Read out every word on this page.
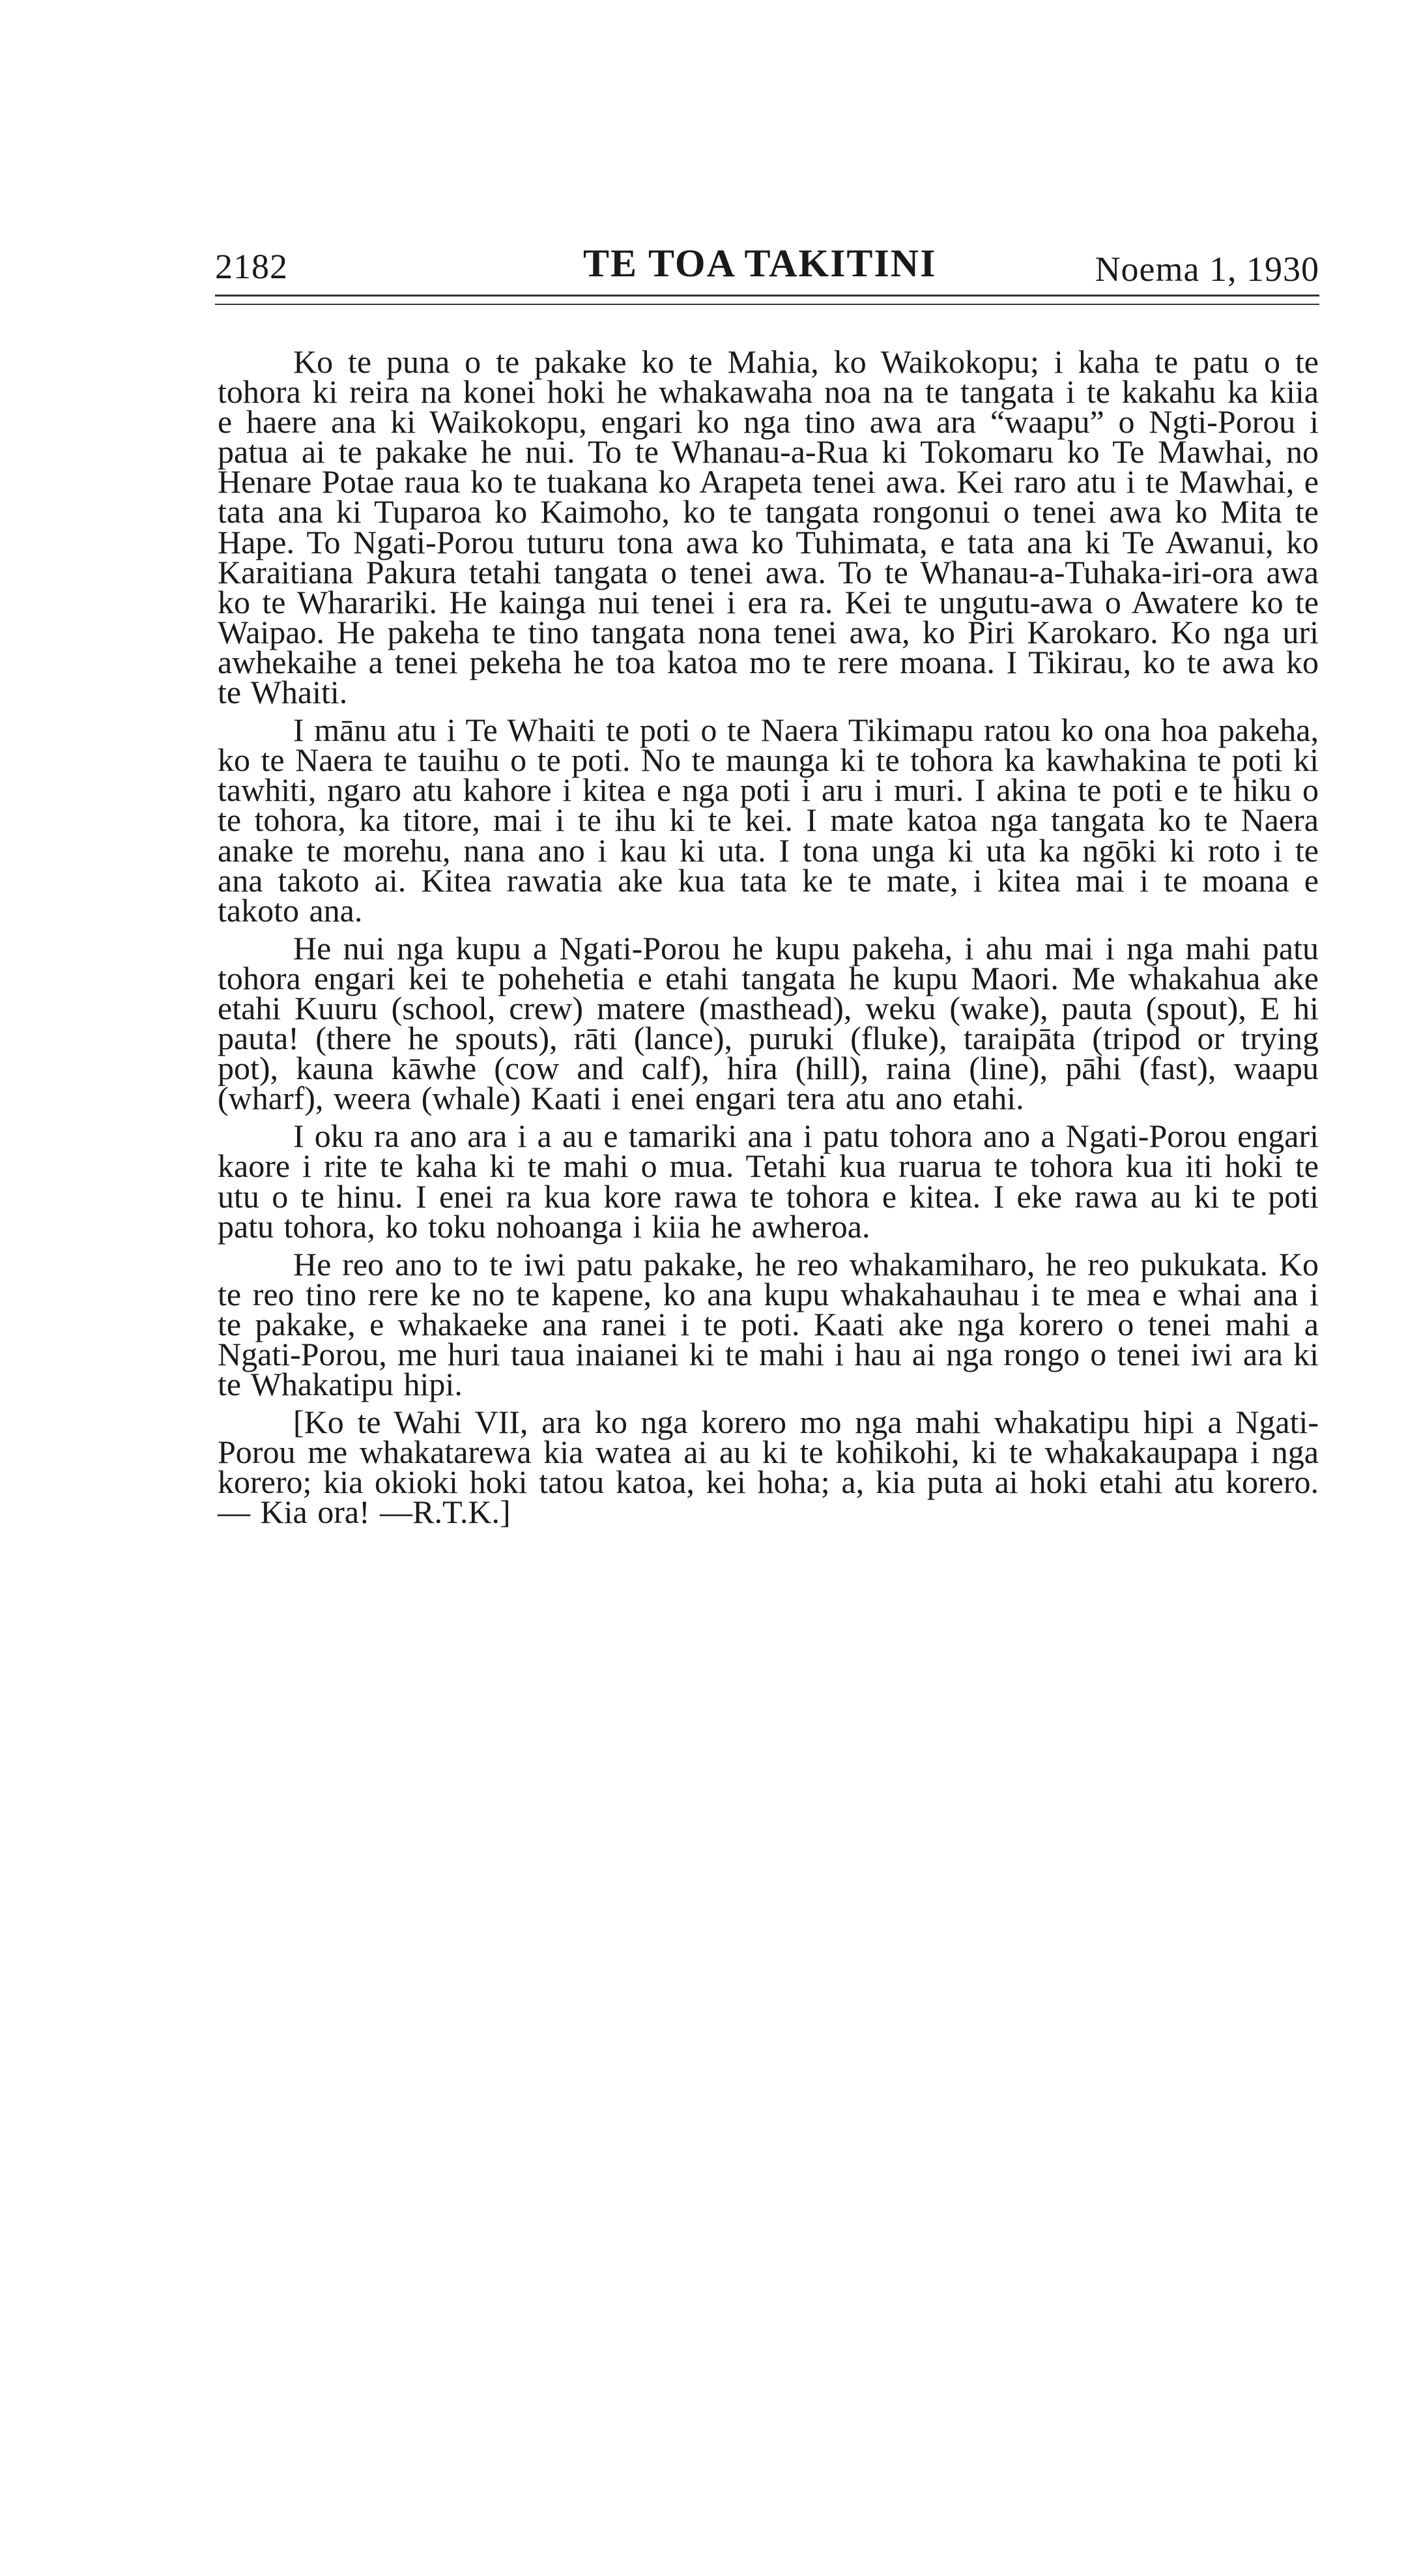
2182	TE TOA TAKITINI	Noema 1, 1930

Ko te puna o te pakake ko te Mahia, ko Waikokopu; i kaha te patu o te tohora ki reira na konei hoki he whakawaha noa na te tangata i te kakahu ka kiia e haere ana ki Waikokopu, engari ko nga tino awa ara “waapu” o Ngti-Porou i patua ai te pakake he nui. To te Whanau-a-Rua ki Tokomaru ko Te Mawhai, no Henare Potae raua ko te tuakana ko Arapeta tenei awa. Kei raro atu i te Mawhai, e tata ana ki Tuparoa ko Kaimoho, ko te tangata rongonui o tenei awa ko Mita te Hape. To Ngati-Porou tuturu tona awa ko Tuhimata, e tata ana ki Te Awanui, ko Karaitiana Pakura tetahi tangata o tenei awa. To te Whanau-a-Tuhaka-iri-ora awa ko te Wharariki. He kainga nui tenei i era ra. Kei te ungutu-awa o Awatere ko te Waipao. He pakeha te tino tangata nona tenei awa, ko Piri Karokaro. Ko nga uri awhekaihe a tenei pekeha he toa katoa mo te rere moana. I Tikirau, ko te awa ko te Whaiti.

I mānu atu i Te Whaiti te poti o te Naera Tikimapu ratou ko ona hoa pakeha, ko te Naera te tauihu o te poti. No te maunga ki te tohora ka kawhakina te poti ki tawhiti, ngaro atu kahore i kitea e nga poti i aru i muri. I akina te poti e te hiku o te tohora, ka titore, mai i te ihu ki te kei. I mate katoa nga tangata ko te Naera anake te morehu, nana ano i kau ki uta. I tona unga ki uta ka ngōki ki roto i te ana takoto ai. Kitea rawatia ake kua tata ke te mate, i kitea mai i te moana e takoto ana.

He nui nga kupu a Ngati-Porou he kupu pakeha, i ahu mai i nga mahi patu tohora engari kei te pohehetia e etahi tangata he kupu Maori. Me whakahua ake etahi Kuuru (school, crew) matere (masthead), weku (wake), pauta (spout), E hi pauta! (there he spouts), rāti (lance), puruki (fluke), taraipāta (tripod or trying pot), kauna kāwhe (cow and calf), hira (hill), raina (line), pāhi (fast), waapu (wharf), weera (whale) Kaati i enei engari tera atu ano etahi.

I oku ra ano ara i a au e tamariki ana i patu tohora ano a Ngati-Porou engari kaore i rite te kaha ki te mahi o mua. Tetahi kua ruarua te tohora kua iti hoki te utu o te hinu. I enei ra kua kore rawa te tohora e kitea. I eke rawa au ki te poti patu tohora, ko toku nohoanga i kiia he awheroa.

He reo ano to te iwi patu pakake, he reo whakamiharo, he reo pukukata. Ko te reo tino rere ke no te kapene, ko ana kupu whakahauhau i te mea e whai ana i te pakake, e whakaeke ana ranei i te poti. Kaati ake nga korero o tenei mahi a Ngati-Porou, me huri taua inaianei ki te mahi i hau ai nga rongo o tenei iwi ara ki te Whakatipu hipi.

[Ko te Wahi VII, ara ko nga korero mo nga mahi whakatipu hipi a Ngati-Porou me whakatarewa kia watea ai au ki te kohikohi, ki te whakakaupapa i nga korero; kia okioki hoki tatou katoa, kei hoha; a, kia puta ai hoki etahi atu korero.— Kia ora! —R.T.K.]
